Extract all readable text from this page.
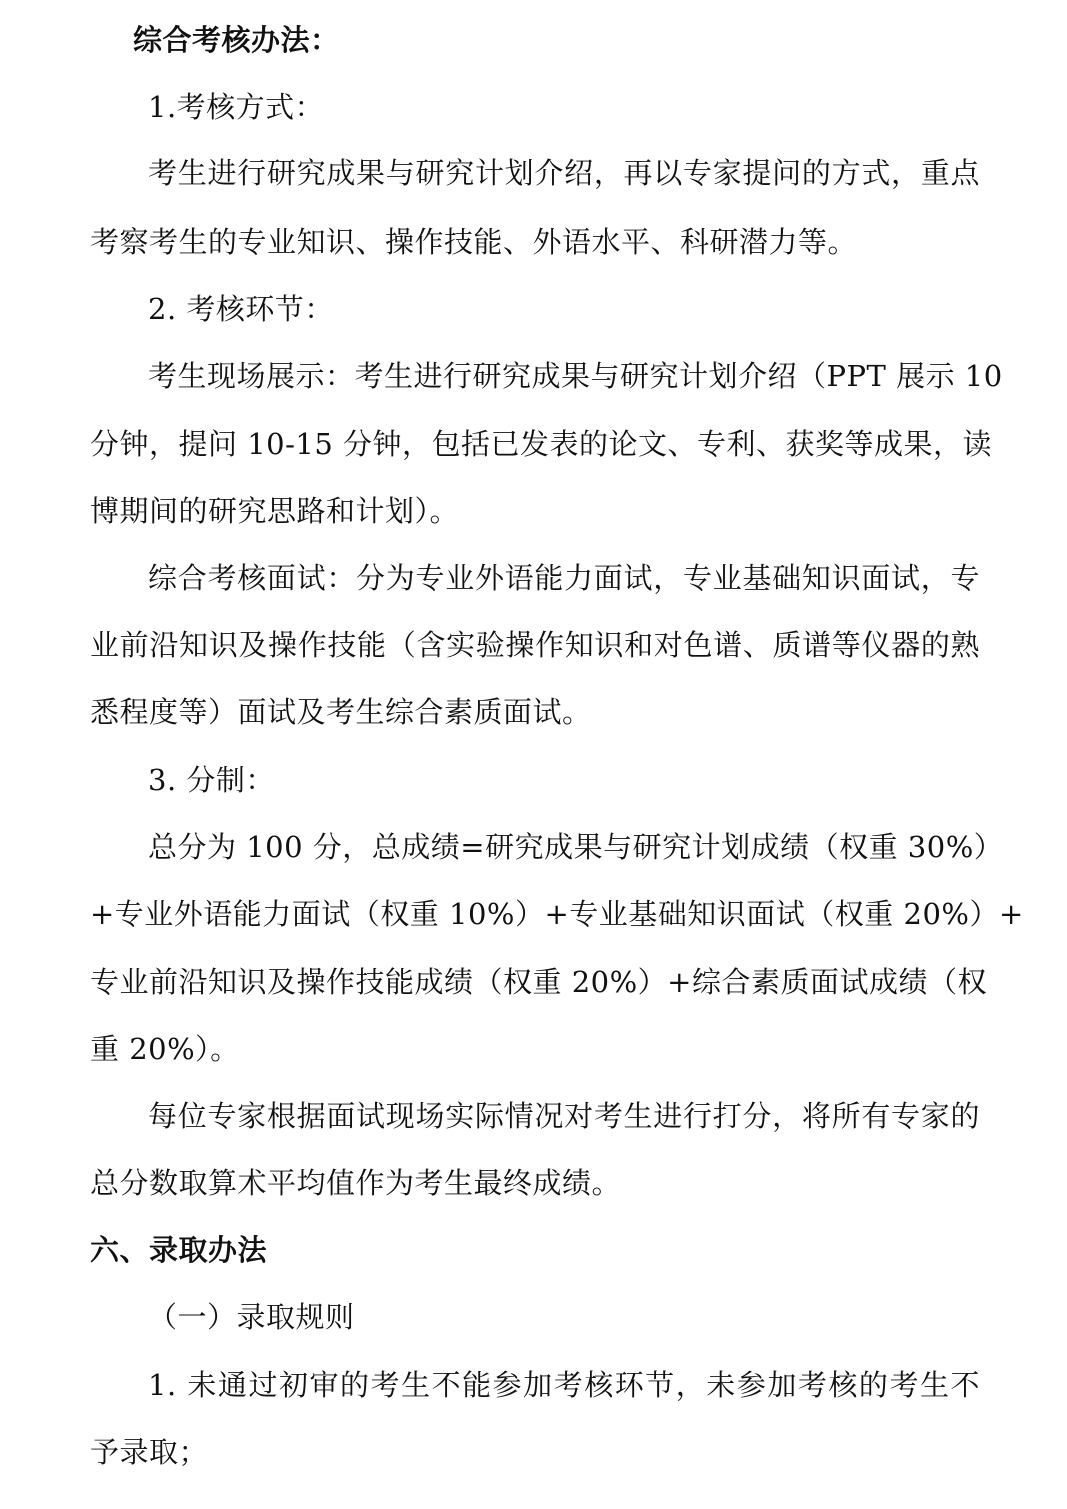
综合考核办法：
1.考核方式：
考生进行研究成果与研究计划介绍，再以专家提问的方式，重点
考察考生的专业知识、操作技能、外语水平、科研潜力等。
2. 考核环节：
考生现场展示：考生进行研究成果与研究计划介绍（PPT 展示 10
分钟，提问 10-15 分钟，包括已发表的论文、专利、获奖等成果，读
博期间的研究思路和计划）。
综合考核面试：分为专业外语能力面试，专业基础知识面试，专
业前沿知识及操作技能（含实验操作知识和对色谱、质谱等仪器的熟
悉程度等）面试及考生综合素质面试。
3. 分制：
总分为 100 分，总成绩=研究成果与研究计划成绩（权重 30%）
+专业外语能力面试（权重 10%）+专业基础知识面试（权重 20%）+
专业前沿知识及操作技能成绩（权重 20%）+综合素质面试成绩（权
重 20%）。
每位专家根据面试现场实际情况对考生进行打分，将所有专家的
总分数取算术平均值作为考生最终成绩。
六、录取办法
（一）录取规则
1. 未通过初审的考生不能参加考核环节，未参加考核的考生不
予录取；
